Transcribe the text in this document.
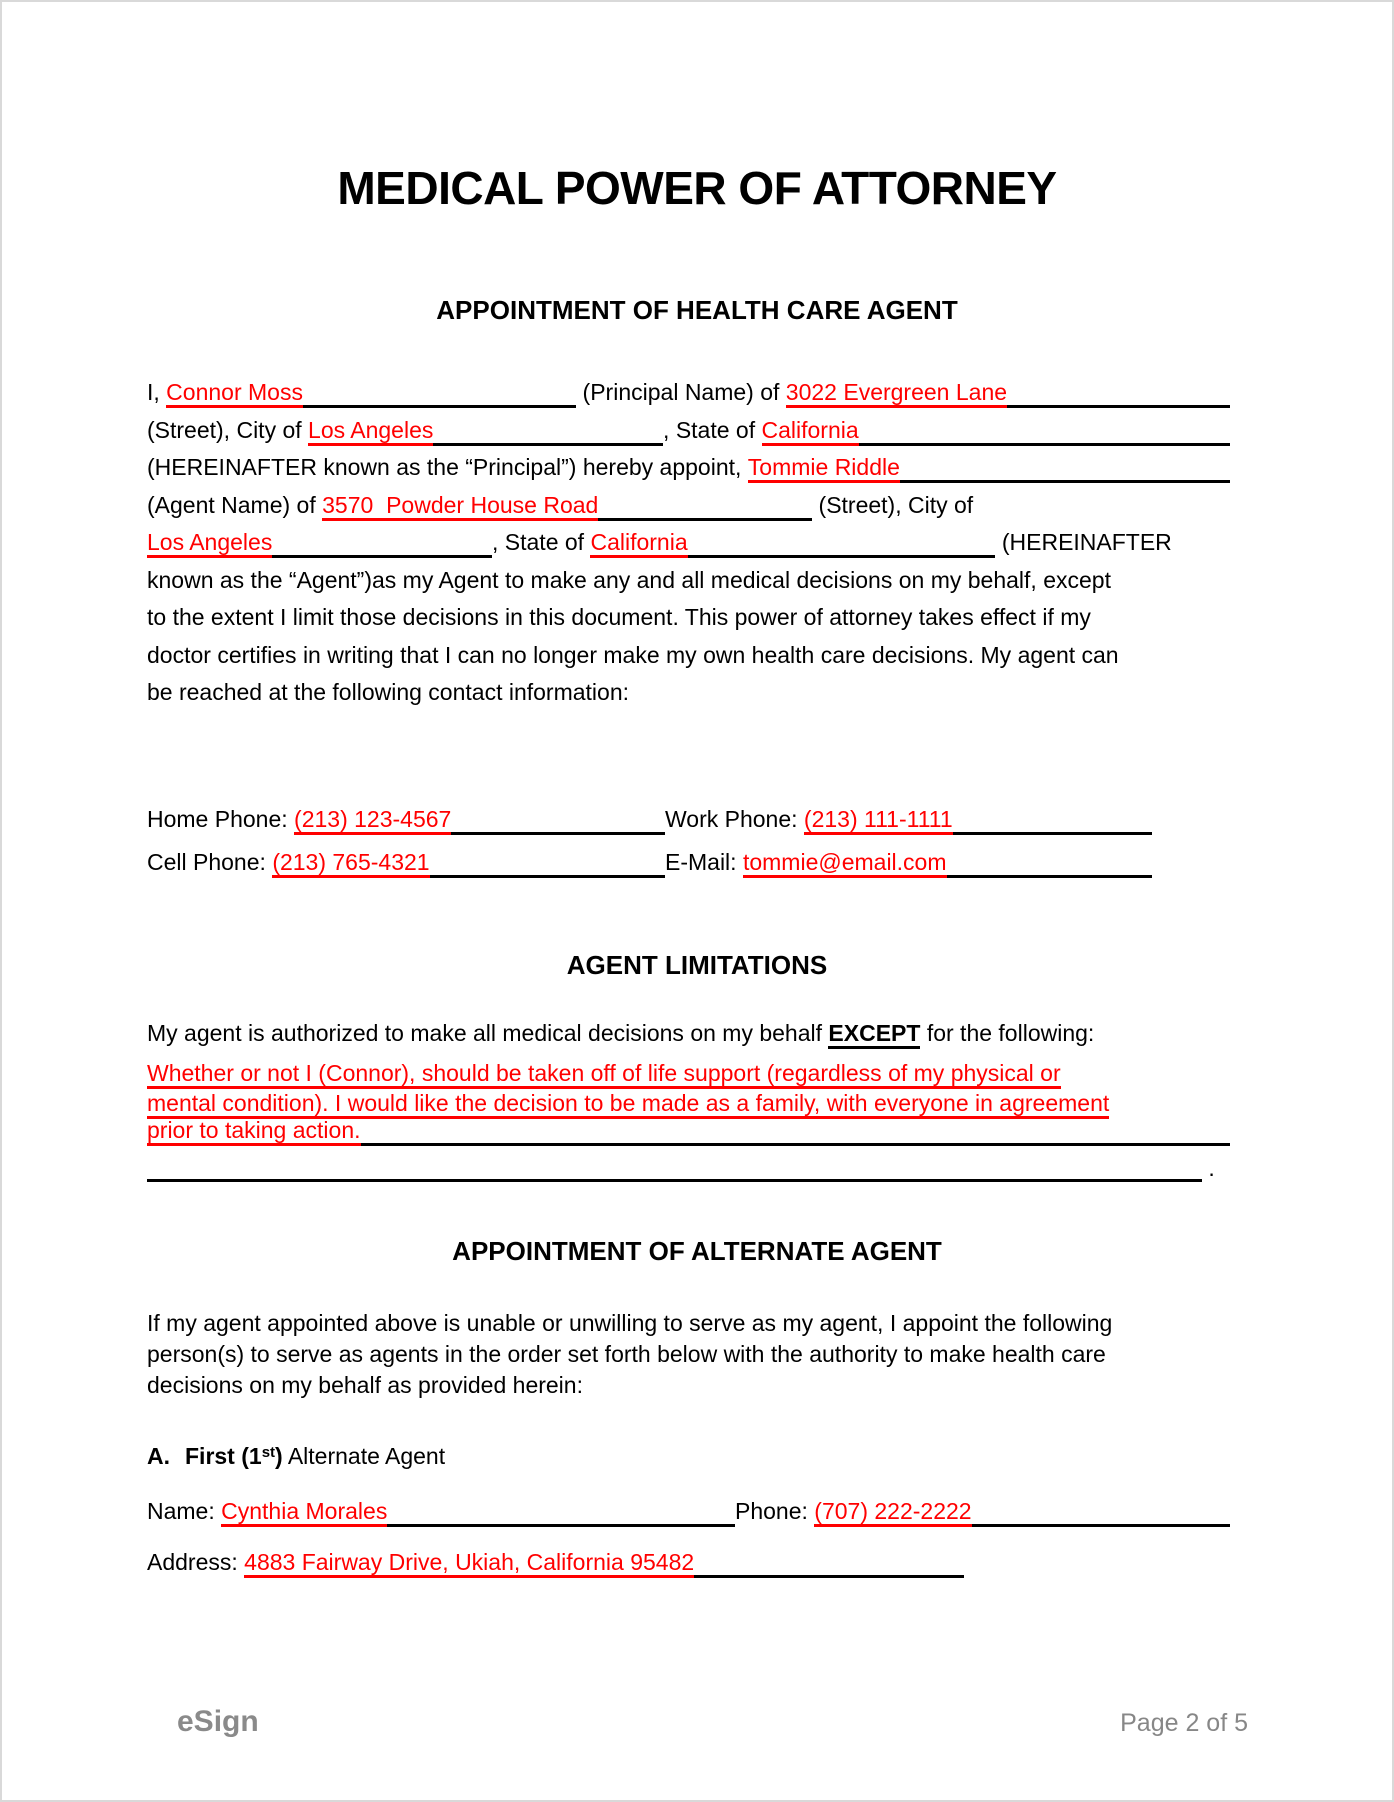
MEDICAL POWER OF ATTORNEY
APPOINTMENT OF HEALTH CARE AGENT
I, Connor Moss	(Principal Name) of 3022 Evergreen Lane
(Street), City of Los Angeles	, State of California
(HEREINAFTER known as the “Principal”) hereby appoint, Tommie Riddle
(Agent Name) of 3570  Powder House Road	(Street), City of
Los Angeles	, State of California	(HEREINAFTER
known as the “Agent”)as my Agent to make any and all medical decisions on my behalf, except
to the extent I limit those decisions in this document. This power of attorney takes effect if my
doctor certifies in writing that I can no longer make my own health care decisions. My agent can
be reached at the following contact information:
Home Phone: (213) 123-4567	Work Phone: (213) 111-1111
Cell Phone: (213) 765-4321	E-Mail: tommie@email.com
AGENT LIMITATIONS
My agent is authorized to make all medical decisions on my behalf EXCEPT for the following:
Whether or not I (Connor), should be taken off of life support (regardless of my physical or
mental condition). I would like the decision to be made as a family, with everyone in agreement
prior to taking action.
.
APPOINTMENT OF ALTERNATE AGENT
If my agent appointed above is unable or unwilling to serve as my agent, I appoint the following
person(s) to serve as agents in the order set forth below with the authority to make health care
decisions on my behalf as provided herein:
A. First (1st) Alternate Agent
Name: Cynthia Morales	Phone: (707) 222-2222
Address: 4883 Fairway Drive, Ukiah, California 95482
eSign	Page 2 of 5
